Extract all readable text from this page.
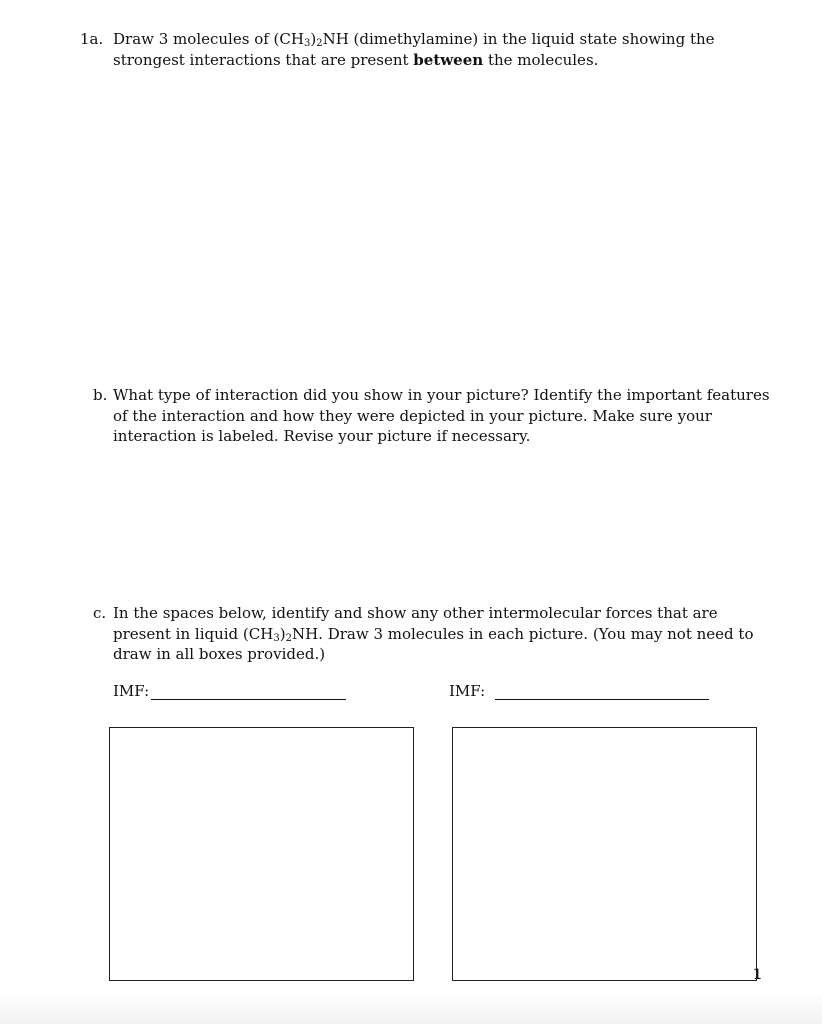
1a. Draw 3 molecules of $(CH_3)_2NH$ (dimethylamine) in the liquid state showing the strongest interactions that are present between the molecules.
b. What type of interaction did you show in your picture? Identify the important features of the interaction and how they were depicted in your picture. Make sure your interaction is labeled. Revise your picture if necessary.
c. In the spaces below, identify and show any other intermolecular forces that are present in liquid $(CH_3)_2NH$. Draw 3 molecules in each picture. (You may not need to draw in all boxes provided.)
IMF:	IMF:
1
